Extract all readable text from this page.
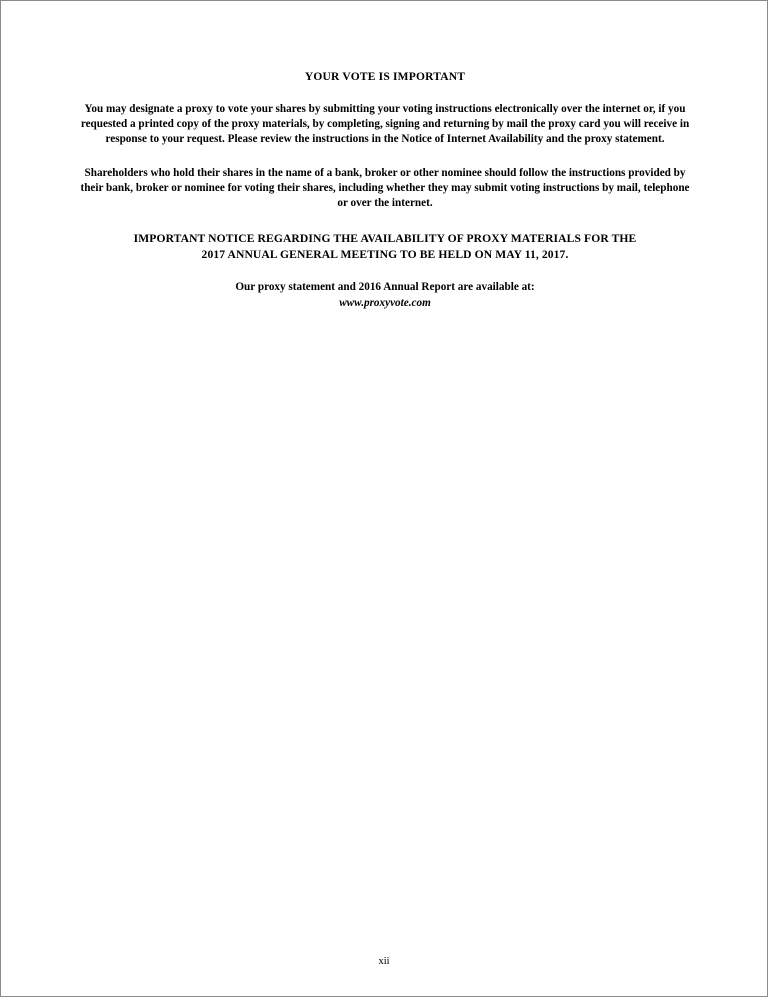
YOUR VOTE IS IMPORTANT
You may designate a proxy to vote your shares by submitting your voting instructions electronically over the internet or, if you requested a printed copy of the proxy materials, by completing, signing and returning by mail the proxy card you will receive in response to your request. Please review the instructions in the Notice of Internet Availability and the proxy statement.
Shareholders who hold their shares in the name of a bank, broker or other nominee should follow the instructions provided by their bank, broker or nominee for voting their shares, including whether they may submit voting instructions by mail, telephone or over the internet.
IMPORTANT NOTICE REGARDING THE AVAILABILITY OF PROXY MATERIALS FOR THE
2017 ANNUAL GENERAL MEETING TO BE HELD ON MAY 11, 2017.
Our proxy statement and 2016 Annual Report are available at:
www.proxyvote.com
xii
